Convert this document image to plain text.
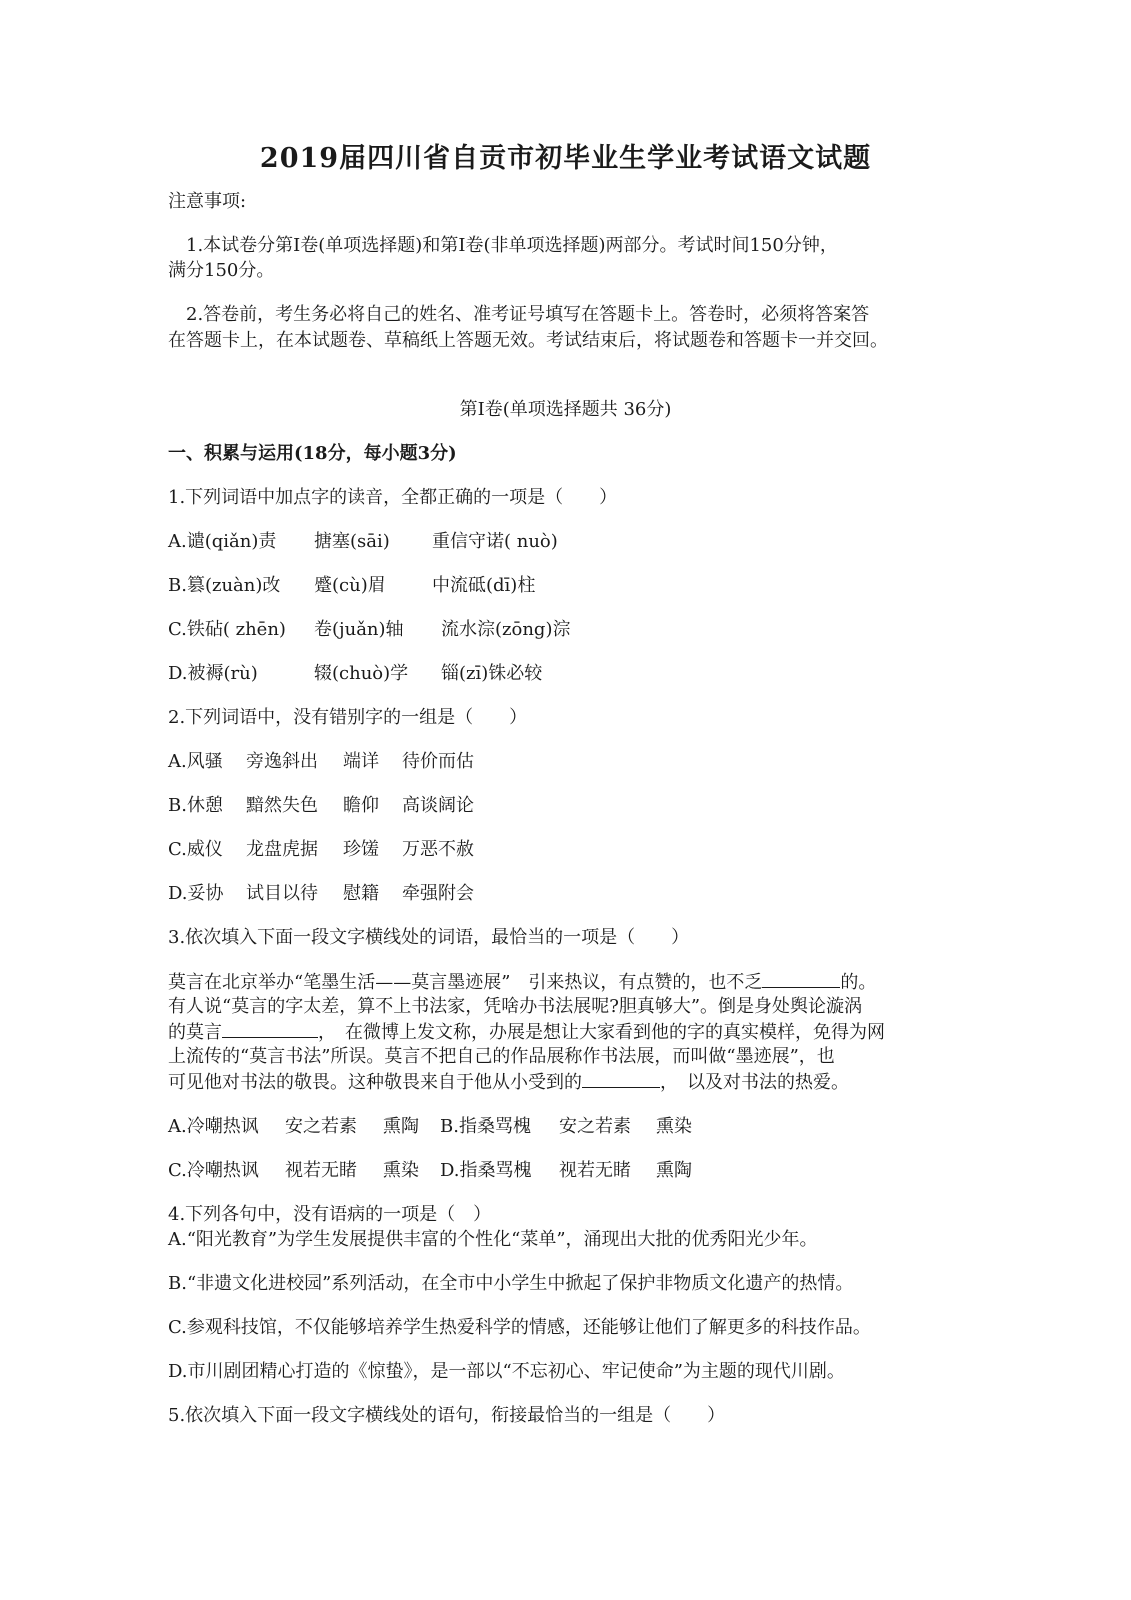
2019届四川省自贡市初毕业生学业考试语文试题
注意事项:
　1.本试卷分第Ⅰ卷(单项选择题)和第Ⅰ卷(非单项选择题)两部分。考试时间150分钟，
满分150分。
　2.答卷前，考生务必将自己的姓名、准考证号填写在答题卡上。答卷时，必须将答案答
在答题卡上，在本试题卷、草稿纸上答题无效。考试结束后，将试题卷和答题卡一并交回。
第Ⅰ卷(单项选择题共 36分)
一、积累与运用(18分，每小题3分)
1.下列词语中加点字的读音，全都正确的一项是（　　）
A.谴(qiǎn)责 搪塞(sāi) 重信守诺( nuò)
B.篡(zuàn)改 蹙(cù)眉	中流砥(dī)柱
C.铁砧( zhēn) 卷(juǎn)轴 流水淙(zōng)淙
D.被褥(rù)	辍(chuò)学 锱(zī)铢必较
2.下列词语中，没有错别字的一组是（　　）
A.风骚 旁逸斜出 端详 待价而估
B.休憩 黯然失色 瞻仰 高谈阔论
C.威仪 龙盘虎据 珍馐 万恶不赦
D.妥协 试目以待 慰籍 牵强附会
3.依次填入下面一段文字横线处的词语，最恰当的一项是（　　）
莫言在北京举办“笔墨生活——莫言墨迹展”　引来热议，有点赞的，也不乏	的。
有人说“莫言的字太差，算不上书法家，凭啥办书法展呢?胆真够大”。倒是身处舆论漩涡
的莫言	，　在微博上发文称，办展是想让大家看到他的字的真实模样，免得为网
上流传的“莫言书法”所误。莫言不把自己的作品展称作书法展，而叫做“墨迹展”，也
可见他对书法的敬畏。这种敬畏来自于他从小受到的	，　以及对书法的热爱。
A.冷嘲热讽 安之若素 熏陶 B.指桑骂槐 安之若素 熏染
C.冷嘲热讽 视若无睹 熏染 D.指桑骂槐 视若无睹 熏陶
4.下列各句中，没有语病的一项是（　）
A.“阳光教育”为学生发展提供丰富的个性化“菜单”，涌现出大批的优秀阳光少年。
B.“非遗文化进校园”系列活动，在全市中小学生中掀起了保护非物质文化遗产的热情。
C.参观科技馆，不仅能够培养学生热爱科学的情感，还能够让他们了解更多的科技作品。
D.市川剧团精心打造的《惊蛰》，是一部以“不忘初心、牢记使命”为主题的现代川剧。
5.依次填入下面一段文字横线处的语句，衔接最恰当的一组是（　　）
